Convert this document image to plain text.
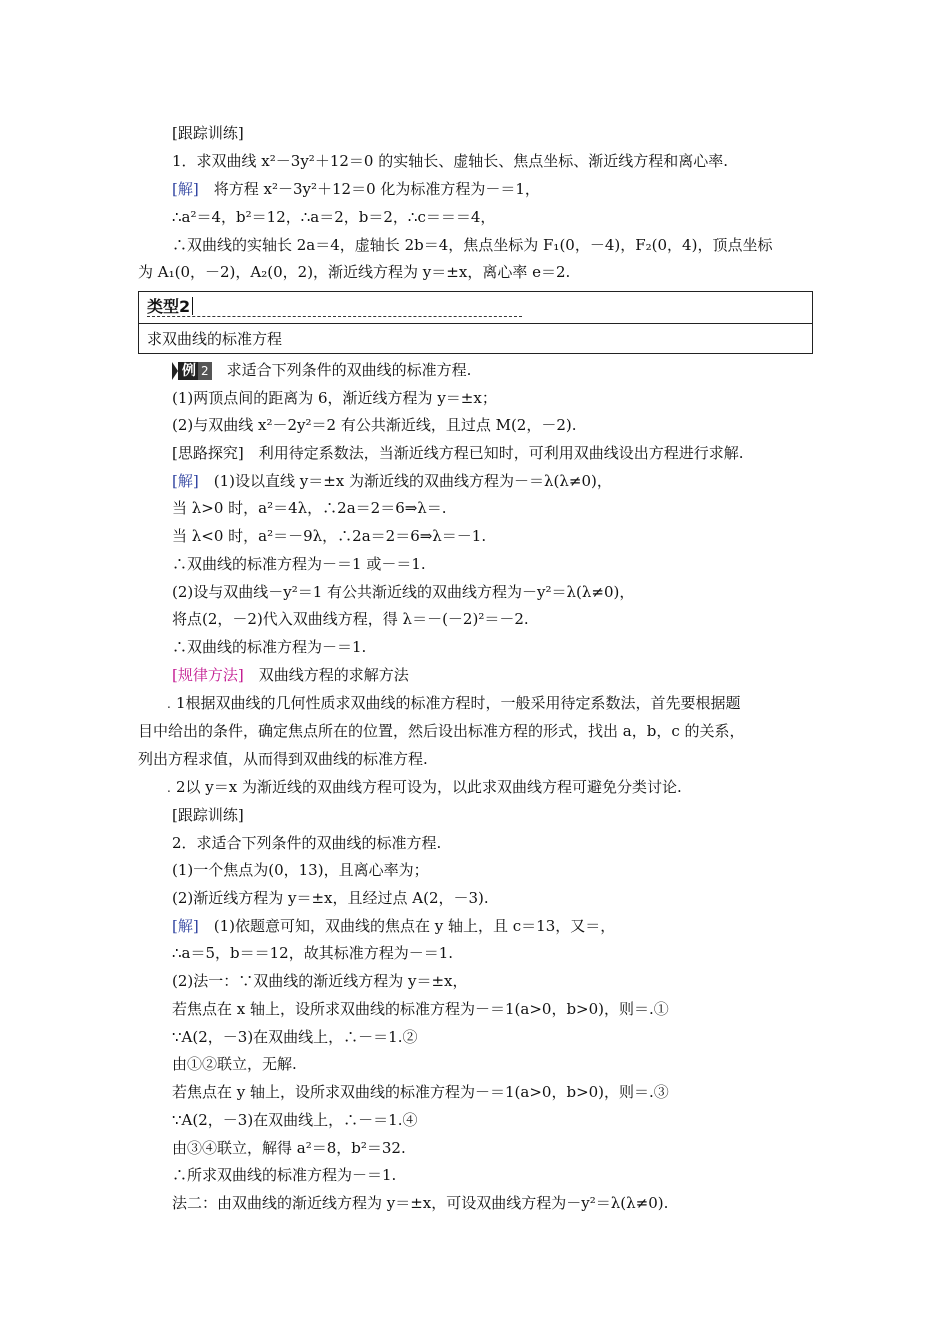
[跟踪训练]
1．求双曲线 x²－3y²＋12＝0 的实轴长、虚轴长、焦点坐标、渐近线方程和离心率.
[解]　将方程 x²－3y²＋12＝0 化为标准方程为－＝1，
∴a²＝4，b²＝12，∴a＝2，b＝2，∴c＝＝＝4，
∴双曲线的实轴长 2a＝4，虚轴长 2b＝4，焦点坐标为 F₁(0，－4)，F₂(0，4)，顶点坐标
为 A₁(0，－2)，A₂(0，2)，渐近线方程为 y＝±x，离心率 e＝2.
(1)两顶点间的距离为 6，渐近线方程为 y＝±x；
(2)与双曲线 x²－2y²＝2 有公共渐近线，且过点 M(2，－2).
[思路探究]　利用待定系数法，当渐近线方程已知时，可利用双曲线设出方程进行求解.
[解]　(1)设以直线 y＝±x 为渐近线的双曲线方程为－＝λ(λ≠0)，
当 λ>0 时，a²＝4λ，∴2a＝2＝6⇒λ＝.
当 λ<0 时，a²＝－9λ，∴2a＝2＝6⇒λ＝－1.
∴双曲线的标准方程为－＝1 或－＝1.
(2)设与双曲线－y²＝1 有公共渐近线的双曲线方程为－y²＝λ(λ≠0)，
将点(2，－2)代入双曲线方程，得 λ＝－(－2)²＝－2.
∴双曲线的标准方程为－＝1.
[规律方法]　双曲线方程的求解方法
1根据双曲线的几何性质求双曲线的标准方程时，一般采用待定系数法，首先要根据题
目中给出的条件，确定焦点所在的位置，然后设出标准方程的形式，找出 a，b，c 的关系，
列出方程求值，从而得到双曲线的标准方程.
2以 y＝x 为渐近线的双曲线方程可设为，以此求双曲线方程可避免分类讨论.
[跟踪训练]
2．求适合下列条件的双曲线的标准方程.
(1)一个焦点为(0，13)，且离心率为；
(2)渐近线方程为 y＝±x，且经过点 A(2，－3).
[解]　(1)依题意可知，双曲线的焦点在 y 轴上，且 c＝13，又＝，
∴a＝5，b＝＝12，故其标准方程为－＝1.
(2)法一：∵双曲线的渐近线方程为 y＝±x，
若焦点在 x 轴上，设所求双曲线的标准方程为－＝1(a>0，b>0)，则＝.①
∵A(2，－3)在双曲线上，∴－＝1.②
由①②联立，无解.
若焦点在 y 轴上，设所求双曲线的标准方程为－＝1(a>0，b>0)，则＝.③
∵A(2，－3)在双曲线上，∴－＝1.④
由③④联立，解得 a²＝8，b²＝32.
∴所求双曲线的标准方程为－＝1.
法二：由双曲线的渐近线方程为 y＝±x，可设双曲线方程为－y²＝λ(λ≠0).
类型2
求双曲线的标准方程
例 2　求适合下列条件的双曲线的标准方程.
.
.
